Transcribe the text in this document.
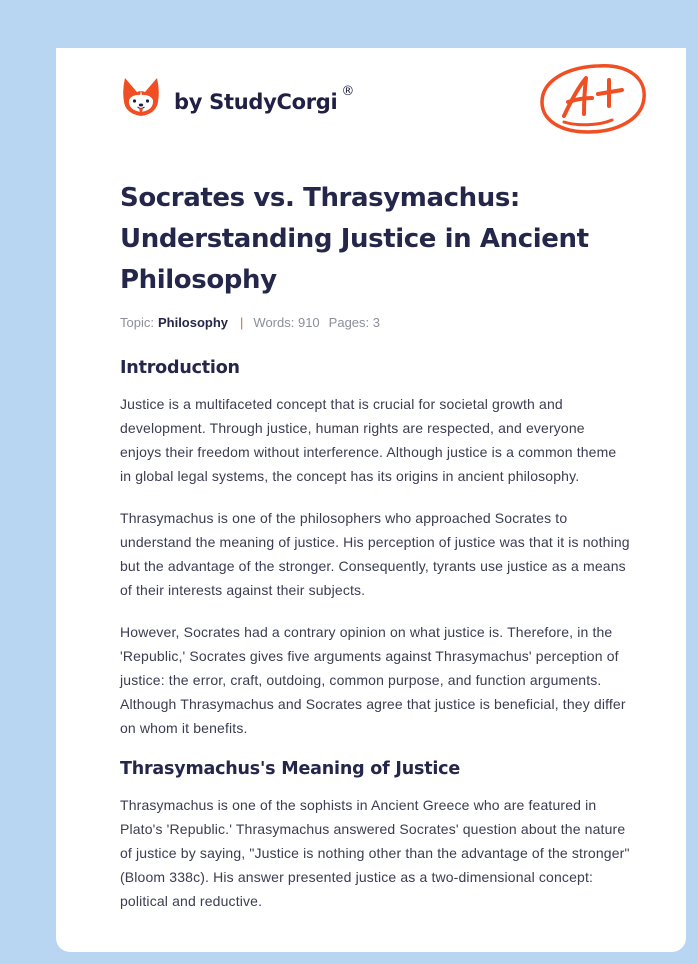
by StudyCorgi ®
Socrates vs. Thrasymachus: Understanding Justice in Ancient Philosophy
Topic: Philosophy | Words: 910 Pages: 3
Introduction

Justice is a multifaceted concept that is crucial for societal growth and development. Through justice, human rights are respected, and everyone enjoys their freedom without interference. Although justice is a common theme in global legal systems, the concept has its origins in ancient philosophy.

Thrasymachus is one of the philosophers who approached Socrates to understand the meaning of justice. His perception of justice was that it is nothing but the advantage of the stronger. Consequently, tyrants use justice as a means of their interests against their subjects.

However, Socrates had a contrary opinion on what justice is. Therefore, in the 'Republic,' Socrates gives five arguments against Thrasymachus' perception of justice: the error, craft, outdoing, common purpose, and function arguments. Although Thrasymachus and Socrates agree that justice is beneficial, they differ on whom it benefits.

Thrasymachus's Meaning of Justice

Thrasymachus is one of the sophists in Ancient Greece who are featured in Plato's 'Republic.' Thrasymachus answered Socrates' question about the nature of justice by saying, "Justice is nothing other than the advantage of the stronger" (Bloom 338c). His answer presented justice as a two-dimensional concept: political and reductive.
